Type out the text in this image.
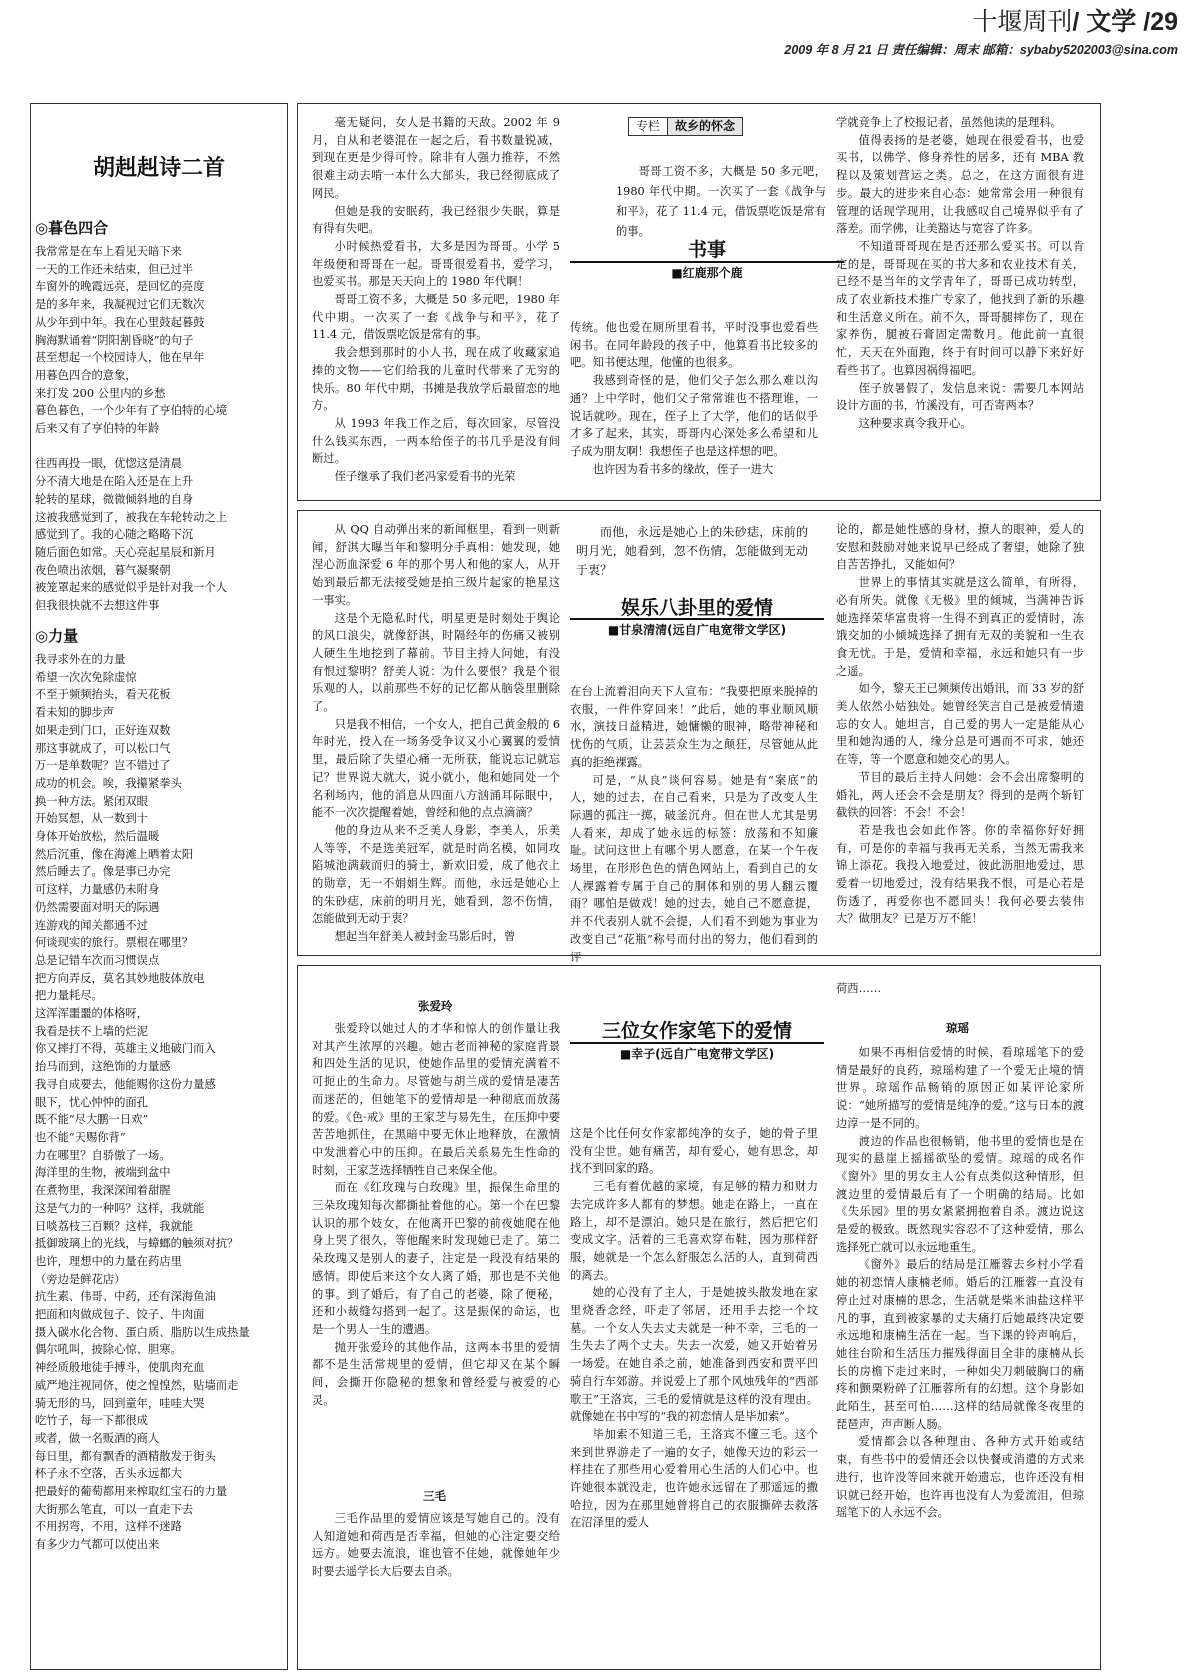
十堰周刊/ 文学 /29
2009 年 8 月 21 日 责任编辑：周末 邮箱：sybaby5202003@sina.com
胡赳赳诗二首
◎暮色四合
我常常是在车上看见天暗下来
一天的工作还未结束，但已过半
车窗外的晚霞远亮，是回忆的亮度
是的多年来，我凝视过它们无数次
从少年到中年。我在心里鼓起暮鼓
胸海默诵着“阴阳割昏晓”的句子
甚至想起一个校园诗人，他在早年
用暮色四合的意象，
来打发 200 公里内的乡愁
暮色暮色，一个少年有了亨伯特的心境
后来又有了亨伯特的年龄

往西再投一眼，优惚这是清晨
分不清大地是在陷入还是在上升
轮转的星球，微微倾斜地的自身
这被我感觉到了，被我在车轮转动之上
感觉到了。我的心随之略略下沉
随后面色如常。天心亮起星辰和新月
夜色喷出浓烟，暮气凝聚朝
被笼罩起来的感觉似乎是针对我一个人
但我很快就不去想这件事
◎力量
我寻求外在的力量
希望一次次免除虚惊
不至于频频抬头，看天花板
看未知的脚步声
如果走到门口，正好连双数
那这事就成了，可以松口气
万一是单数呢？岂不错过了
成功的机会。唉，我攥紧拳头
换一种方法。紧闭双眼
开始冥想，从一数到十
身体开始放松，然后温暖
然后沉重，像在海滩上晒着太阳
然后睡去了。像是事已办完
可这样，力量感仍未附身
仍然需要面对明天的际遇
连游戏的闻关都通不过
何谈现实的旅行。票根在哪里？
总是记错车次而习惯误点
把方向弄反，莫名其妙地肢体放电
把力量耗尽。
这浑浑噩噩的体格呀，
我看是扶不上墙的烂泥
你又摔打不得，英雄主义地破门而入
抬马而到，这绝饰的力量感
我寻自成要去，他能赐你这份力量感
眼下，忧心忡忡的面孔
既不能“尽大鹏一日欢”
也不能“天赐你背”
力在哪里？自骄傲了一场。
海洋里的生物，被端到盆中
在煮物里，我深深闻着甜腥
这是气力的一种吗？这样，我就能
日啖荔枝三百颗？这样，我就能
抵御玻璃上的光线，与蟑螂的触须对抗？
也许，理想中的力量在药店里
（旁边是鲜花店）
抗生素、伟哥、中药，还有深海鱼油
把面和肉做成包子、饺子、牛肉面
摄入碳水化合物、蛋白质、脂肪以生成热量
偶尔吼叫，披除心惊、胆寒。
神经质般地徒手搏斗，使肌肉充血
威严地注视同侪，使之惶惶然，贴墙而走
骑无形的马，回到童年，哇哇大哭
吃竹子，每一下都很成
或者，做一名贩酒的商人
每日里，都有飘香的酒精散发于街头
杯子永不空落，舌头永远都大
把最好的葡萄都用来榨取红宝石的力量
大街那么笔直，可以一直走下去
不用拐弯，不用，这样不迷路
有多少力气都可以使出来

毫无疑问，女人是书籍的天敌。2002 年 9 月，自从和老婆混在一起之后，看书数量锐减，到现在更是少得可怜。除非有人强力推荐，不然很难主动去啃一本什么大部头，我已经彻底成了网民。

但她是我的安眠药，我已经很少失眠，算是有得有失吧。

小时候热爱看书，大多是因为哥哥。小学 5 年级便和哥哥在一起。哥哥很爱看书，爱学习，也爱买书。那是天天向上的 1980 年代啊！

哥哥工资不多，大概是 50 多元吧，1980 年代中期。一次买了一套《战争与和平》，花了 11.4 元，借饭票吃饭是常有的事。

我会想到那时的小人书，现在成了收藏家追捧的文物——它们给我的儿童时代带来了无穷的快乐。80 年代中期，书摊是我放学后最留恋的地方。

从 1993 年我工作之后，每次回家，尽管没什么钱买东西，一两本给侄子的书几乎是没有间断过。

侄子继承了我们老冯家爱看书的光荣

专栏 故乡的怀念

哥哥工资不多，大概是 50 多元吧，1980 年代中期。一次买了一套《战争与和平》，花了 11.4 元，借饭票吃饭是常有的事。

书事
■红鹿那个鹿

传统。他也爱在厕所里看书，平时没事也爱看些闲书。在同年龄段的孩子中，他算看书比较多的吧。知书便达理，他懂的也很多。

我感到奇怪的是，他们父子怎么那么难以沟通？上中学时，他们父子常常谁也不搭理谁，一说话就吵。现在，侄子上了大学，他们的话似乎才多了起来，其实，哥哥内心深处多么希望和儿子成为朋友啊！我想侄子也是这样想的吧。

也许因为看书多的缘故，侄子一进大

学就竞争上了校报记者，虽然他读的是理科。

值得表扬的是老婆，她现在很爱看书，也爱买书，以佛学、修身养性的居多，还有 MBA 教程以及策划营运之类。总之，在这方面很有进步。最大的进步来自心态：她常常会用一种很有管理的话现学现用，让我感叹自己境界似乎有了落差。而学佛，让美豁达与宽容了许多。

不知道哥哥现在是否还那么爱买书。可以肯定的是，哥哥现在买的书大多和农业技术有关，已经不是当年的文学青年了，哥哥已成功转型，成了农业新技术推广专家了，他找到了新的乐趣和生活意义所在。前不久，哥哥腿摔伤了，现在家养伤，腿被石膏固定需数月。他此前一直很忙，天天在外面跑，终于有时间可以静下来好好看些书了。也算因祸得福吧。

侄子放暑假了，发信息来说：需要几本网站设计方面的书，竹溪没有，可否寄两本？

这种要求真令我开心。

从 QQ 自动弹出来的新闻框里，看到一则新闻，舒淇大曝当年和黎明分手真相：她发现，她涅心沥血深爱 6 年的那个男人和他的家人，从开始到最后都无法接受她是拍三级片起家的艳星这一事实。

这是个无隐私时代，明星更是时刻处于舆论的风口浪尖，就像舒淇，时隔经年的伤痛又被别人硬生生地挖到了幕前。节目主持人问她，有没有恨过黎明？舒美人说：为什么要恨？我是个很乐观的人，以前那些不好的记忆都从脑袋里删除了。

只是我不相信，一个女人，把自己黄金般的 6 年时光，投入在一场务受争议又小心翼翼的爱情里，最后除了失望心痛一无所获，能说忘记就忘记？世界说大就大，说小就小，他和她同处一个名利场内，他的消息从四面八方汹涌耳际眼中，能不一次次提醒着她，曾经和他的点点滴滴？

他的身边从来不乏美人身影，李美人，乐美人等等，不是选美冠军，就是时尚名模，如同攻陷城池满载而归的骑士，新欢旧爱，成了他衣上的勋章，无一不娟娟生辉。而他，永远是她心上的朱砂痣，床前的明月光，她看到，忽不伤情，怎能做到无动于衷？

想起当年舒美人被封金马影后时，曾

而他，永远是她心上的朱砂痣，床前的明月光，她看到，忽不伤情，怎能做到无动于衷？

娱乐八卦里的爱情
■甘泉清清(远自广电宽带文学区)

在台上流着泪向天下人宣布：“我要把原来脱掉的衣服，一件件穿回来！”此后，她的事业顺风顺水，演技日益精进，她慵懒的眼神，略带神秘和忧伤的气质，让芸芸众生为之颠狂，尽管她从此真的拒绝裸露。

可是，“从良”谈何容易。她是有“案底”的人，她的过去，在自己看来，只是为了改变人生际遇的孤注一掷，破釜沉舟。但在世人尤其是男人看来，却成了她永远的标签：放荡和不知廉耻。试问这世上有哪个男人愿意，在某一个午夜场里，在形形色色的情色网站上，看到自己的女人裸露着专属于自己的胴体和别的男人翻云覆雨？哪怕是做戏！她的过去，她自己不愿意提，并不代表别人就不会提，人们看不到她为事业为改变自己“花瓶”称号而付出的努力，他们看到的评

论的，都是她性感的身材，撩人的眼神，爱人的安慰和鼓励对她来说早已经成了奢望，她除了独自苦苦挣扎，又能如何？

世界上的事情其实就是这么简单，有所得，必有所失。就像《无极》里的倾城，当满神告诉她选择荣华富贵将一生得不到真正的爱情时，冻饿交加的小倾城选择了拥有无双的美貌和一生衣食无忧。于是，爱情和幸福，永远和她只有一步之遥。

如今，黎天王已频频传出婚讯，而 33 岁的舒美人依然小姑独处。她曾经笑言自己是被爱情遗忘的女人。她坦言，自己爱的男人一定是能从心里和她沟通的人，缘分总是可遇而不可求，她还在等，等一个愿意和她交心的男人。

节目的最后主持人问她：会不会出席黎明的婚礼，两人还会不会是朋友？得到的是两个斩钉截铁的回答：不会！不会！

若是我也会如此作答。你的幸福你好好拥有，可是你的幸福与我再无关系，当然无需我来锦上添花。我投入地爱过，彼此沥胆地爱过，思爱着一切地爱过，没有结果我不恨，可是心若是伤透了，再爱你也不愿回头！我何必要去装伟大？做朋友？已是万万不能！

张爱玲

张爱玲以她过人的才华和惊人的创作量让我对其产生浓厚的兴趣。她古老而神秘的家庭背景和四处生活的见识，使她作品里的爱情充满着不可扼止的生命力。尽管她与胡兰成的爱情是凄苦而迷茫的，但她笔下的爱情却是一种彻底而放荡的爱。《色·戒》里的王家芝与易先生，在压抑中要苦苦地抓住，在黑暗中要无休止地释放，在激情中发泄着心中的压抑。在最后关系易先生性命的时刻，王家芝选择牺牲自己来保全他。

而在《红玫瑰与白玫瑰》里，振保生命里的三朵玫瑰知每次都撕扯着他的心。第一个在巴黎认识的那个妓女，在他离开巴黎的前夜她爬在他身上哭了很久，等他醒来时发现她已走了。第二朵玫瑰又是别人的妻子，注定是一段没有结果的感情。即使后来这个女人离了婚，那也是不关他的事。到了婚后，有了自己的老婆，除了便秘，还和小裁缝勾搭到一起了。这是振保的命运，也是一个男人一生的遭遇。

抛开张爱玲的其他作品，这两本书里的爱情都不是生活常规里的爱情，但它却又在某个瞬间，会撕开你隐秘的想象和曾经爱与被爱的心灵。

三毛

三毛作品里的爱情应该是写她自己的。没有人知道她和荷西是否幸福，但她的心注定要交给远方。她要去流浪，谁也管不住她，就像她年少时要去遥学长大后要去自杀。

三位女作家笔下的爱情
■幸子(远自广电宽带文学区)

这是个比任何女作家都纯净的女子，她的骨子里没有尘世。她有痛苦，却有爱心，她有思念，却找不到回家的路。

三毛有着优越的家境，有足够的精力和财力去完成许多人都有的梦想。她走在路上，一直在路上，却不是漂泊。她只是在旅行，然后把它们变成文字。活着的三毛喜欢穿布鞋，因为那样舒服，她就是一个怎么舒服怎么活的人，直到荷西的离去。

她的心没有了主人，于是她披头散发地在家里烧香念经，吓走了邻居，还用手去挖一个坟墓。一个女人失去丈夫就是一种不幸，三毛的一生失去了两个丈夫。失去一次爱，她又开始着另一场爱。在她自杀之前，她准备到西安和贾平凹骑自行车郊游。并说爱上了那个风烛残年的“西部歌王”王洛宾，三毛的爱情就是这样的没有理由。就像她在书中写的“我的初恋情人是毕加索”。

毕加索不知道三毛，王洛宾不懂三毛。这个来到世界游走了一遍的女子，她像天边的彩云一样挂在了那些用心爱着用心生活的人们心中。也许她很本就没走，也许她永远留在了那遥远的撒哈拉，因为在那里她曾将自己的衣服撕碎去救落在沼泽里的爱人

荷西……
琼瑶

如果不再相信爱情的时候，看琼瑶笔下的爱情是最好的良药，琼瑶构建了一个爱无止境的情世界。琼瑶作品畅销的原因正如某评论家所说：“她所描写的爱情是纯净的爱。”这与日本的渡边淳一是不同的。

渡边的作品也很畅销，他书里的爱情也是在现实的悬崖上摇摇欲坠的爱情。琼瑶的成名作《窗外》里的男女主人公有点类似这种情形，但渡边里的爱情最后有了一个明确的结局。比如《失乐园》里的男女紧紧拥抱着自杀。渡边说这是爱的极致。既然现实容忍不了这种爱情，那么选择死亡就可以永远地重生。

《窗外》最后的结局是江雁蓉去乡村小学看她的初恋情人康楠老师。婚后的江雁蓉一直没有停止过对康楠的思念，生活就是柴米油盐这样平凡的事，直到被家暴的丈夫痛打后她最终决定要永远地和康楠生活在一起。当下课的铃声响后，她往台阶和生活压力摧残得面目全非的康楠从长长的房檐下走过来时，一种如尖刀刺破胸口的痛疼和颤栗粉碎了江雁蓉所有的幻想。这个身影如此陌生，甚至可怕……这样的结局就像冬夜里的琵琶声，声声断人肠。

爱情都会以各种理由、各种方式开始或结束，有些书中的爱情还会以快餐或消遣的方式来进行，也许没等回来就开始遗忘，也许还没有相识就已经开始，也许再也没有人为爱流泪，但琼瑶笔下的人永远不会。
